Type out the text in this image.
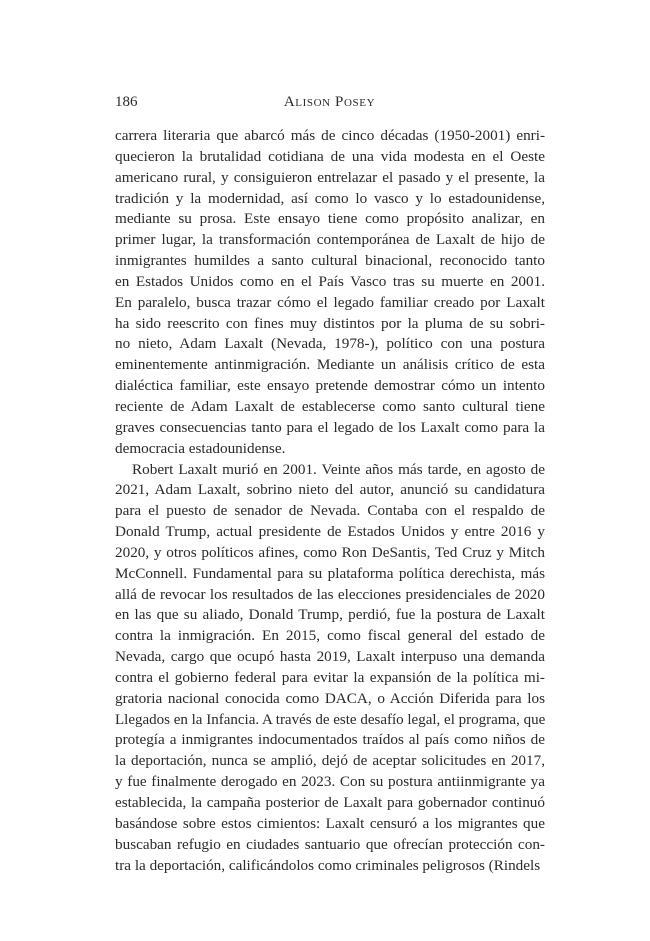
186	Alison Posey
carrera literaria que abarcó más de cinco décadas (1950-2001) enri-
quecieron la brutalidad cotidiana de una vida modesta en el Oeste
americano rural, y consiguieron entrelazar el pasado y el presente, la
tradición y la modernidad, así como lo vasco y lo estadounidense,
mediante su prosa. Este ensayo tiene como propósito analizar, en
primer lugar, la transformación contemporánea de Laxalt de hijo de
inmigrantes humildes a santo cultural binacional, reconocido tanto
en Estados Unidos como en el País Vasco tras su muerte en 2001.
En paralelo, busca trazar cómo el legado familiar creado por Laxalt
ha sido reescrito con fines muy distintos por la pluma de su sobri-
no nieto, Adam Laxalt (Nevada, 1978-), político con una postura
eminentemente antinmigración. Mediante un análisis crítico de esta
dialéctica familiar, este ensayo pretende demostrar cómo un intento
reciente de Adam Laxalt de establecerse como santo cultural tiene
graves consecuencias tanto para el legado de los Laxalt como para la
democracia estadounidense.
Robert Laxalt murió en 2001. Veinte años más tarde, en agosto de
2021, Adam Laxalt, sobrino nieto del autor, anunció su candidatura
para el puesto de senador de Nevada. Contaba con el respaldo de
Donald Trump, actual presidente de Estados Unidos y entre 2016 y
2020, y otros políticos afines, como Ron DeSantis, Ted Cruz y Mitch
McConnell. Fundamental para su plataforma política derechista, más
allá de revocar los resultados de las elecciones presidenciales de 2020
en las que su aliado, Donald Trump, perdió, fue la postura de Laxalt
contra la inmigración. En 2015, como fiscal general del estado de
Nevada, cargo que ocupó hasta 2019, Laxalt interpuso una demanda
contra el gobierno federal para evitar la expansión de la política mi-
gratoria nacional conocida como DACA, o Acción Diferida para los
Llegados en la Infancia. A través de este desafío legal, el programa, que
protegía a inmigrantes indocumentados traídos al país como niños de
la deportación, nunca se amplió, dejó de aceptar solicitudes en 2017,
y fue finalmente derogado en 2023. Con su postura antiinmigrante ya
establecida, la campaña posterior de Laxalt para gobernador continuó
basándose sobre estos cimientos: Laxalt censuró a los migrantes que
buscaban refugio en ciudades santuario que ofrecían protección con-
tra la deportación, calificándolos como criminales peligrosos (Rindels
